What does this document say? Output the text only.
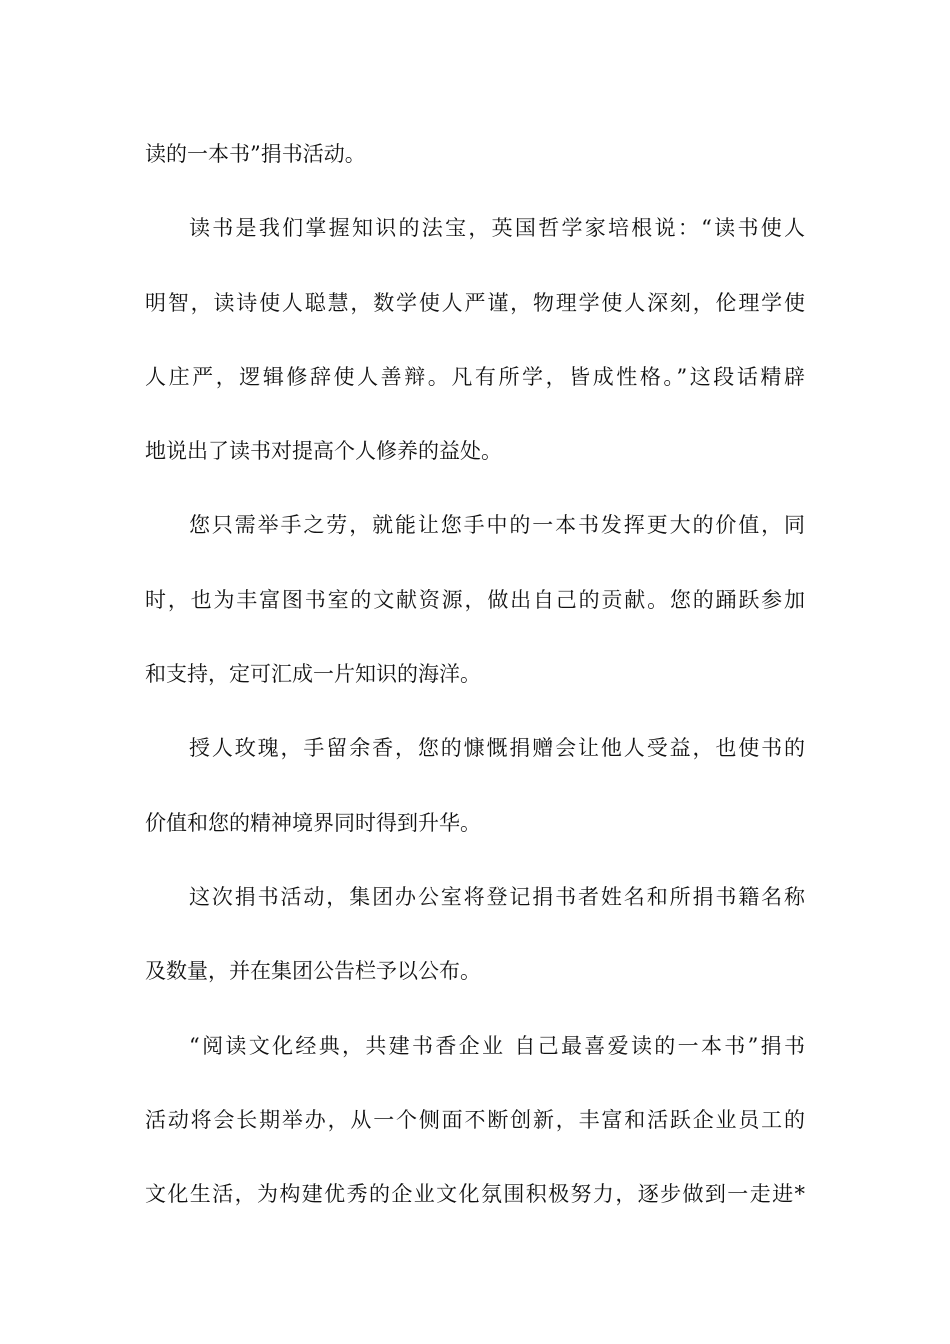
读的一本书”捐书活动。
读书是我们掌握知识的法宝，英国哲学家培根说：“读书使人
明智，读诗使人聪慧，数学使人严谨，物理学使人深刻，伦理学使
人庄严，逻辑修辞使人善辩。凡有所学，皆成性格。”这段话精辟
地说出了读书对提高个人修养的益处。
您只需举手之劳，就能让您手中的一本书发挥更大的价值，同
时，也为丰富图书室的文献资源，做出自己的贡献。您的踊跃参加
和支持，定可汇成一片知识的海洋。
授人玫瑰，手留余香，您的慷慨捐赠会让他人受益，也使书的
价值和您的精神境界同时得到升华。
这次捐书活动，集团办公室将登记捐书者姓名和所捐书籍名称
及数量，并在集团公告栏予以公布。
“阅读文化经典，共建书香企业 自己最喜爱读的一本书”捐书
活动将会长期举办，从一个侧面不断创新，丰富和活跃企业员工的
文化生活，为构建优秀的企业文化氛围积极努力，逐步做到一走进*
